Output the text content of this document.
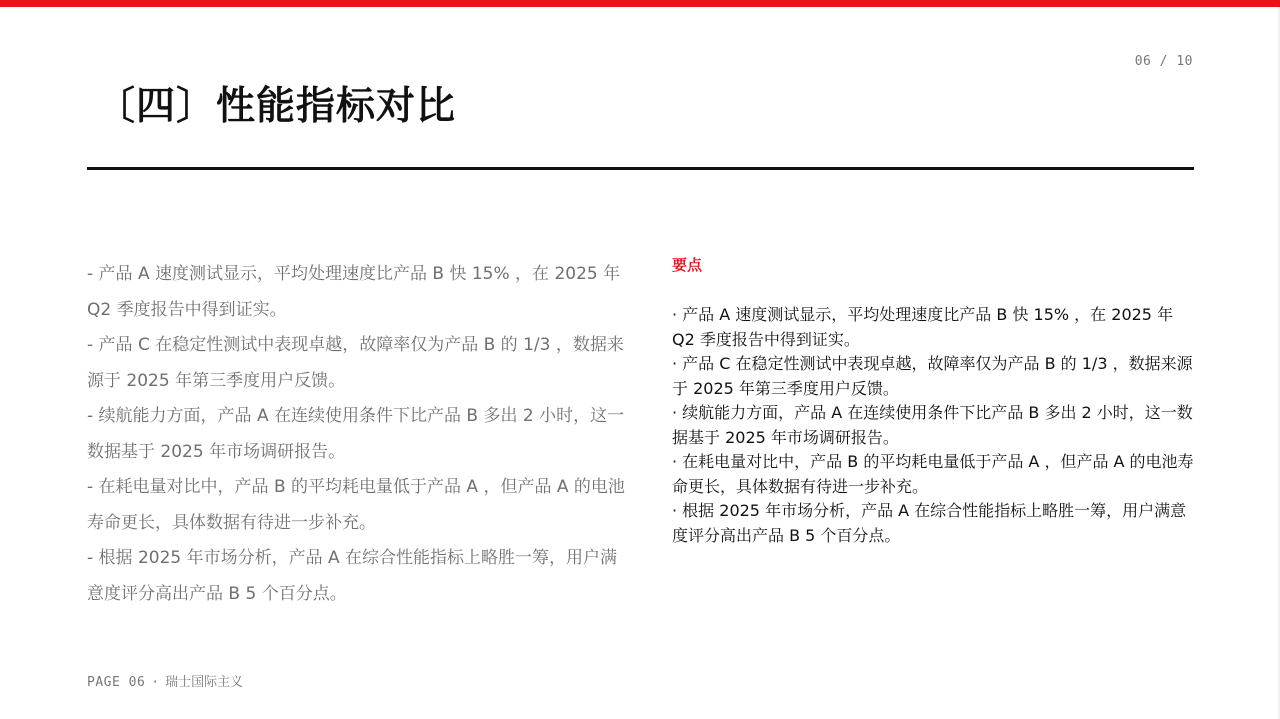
06 / 10
〔四〕性能指标对比

- 产品 A 速度测试显示，平均处理速度比产品 B 快 15% ，在 2025 年 Q2 季度报告中得到证实。

- 产品 C 在稳定性测试中表现卓越，故障率仅为产品 B 的 1/3 ，数据来源于 2025 年第三季度用户反馈。

- 续航能力方面，产品 A 在连续使用条件下比产品 B 多出 2 小时，这一数据基于 2025 年市场调研报告。

- 在耗电量对比中，产品 B 的平均耗电量低于产品 A ，但产品 A 的电池寿命更长，具体数据有待进一步补充。

- 根据 2025 年市场分析，产品 A 在综合性能指标上略胜一筹，用户满意度评分高出产品 B 5 个百分点。

要点

· 产品 A 速度测试显示，平均处理速度比产品 B 快 15% ，在 2025 年 Q2 季度报告中得到证实。

· 产品 C 在稳定性测试中表现卓越，故障率仅为产品 B 的 1/3 ，数据来源于 2025 年第三季度用户反馈。

· 续航能力方面，产品 A 在连续使用条件下比产品 B 多出 2 小时，这一数据基于 2025 年市场调研报告。

· 在耗电量对比中，产品 B 的平均耗电量低于产品 A ，但产品 A 的电池寿命更长，具体数据有待进一步补充。

· 根据 2025 年市场分析，产品 A 在综合性能指标上略胜一筹，用户满意度评分高出产品 B 5 个百分点。

PAGE 06 · 瑞士国际主义
